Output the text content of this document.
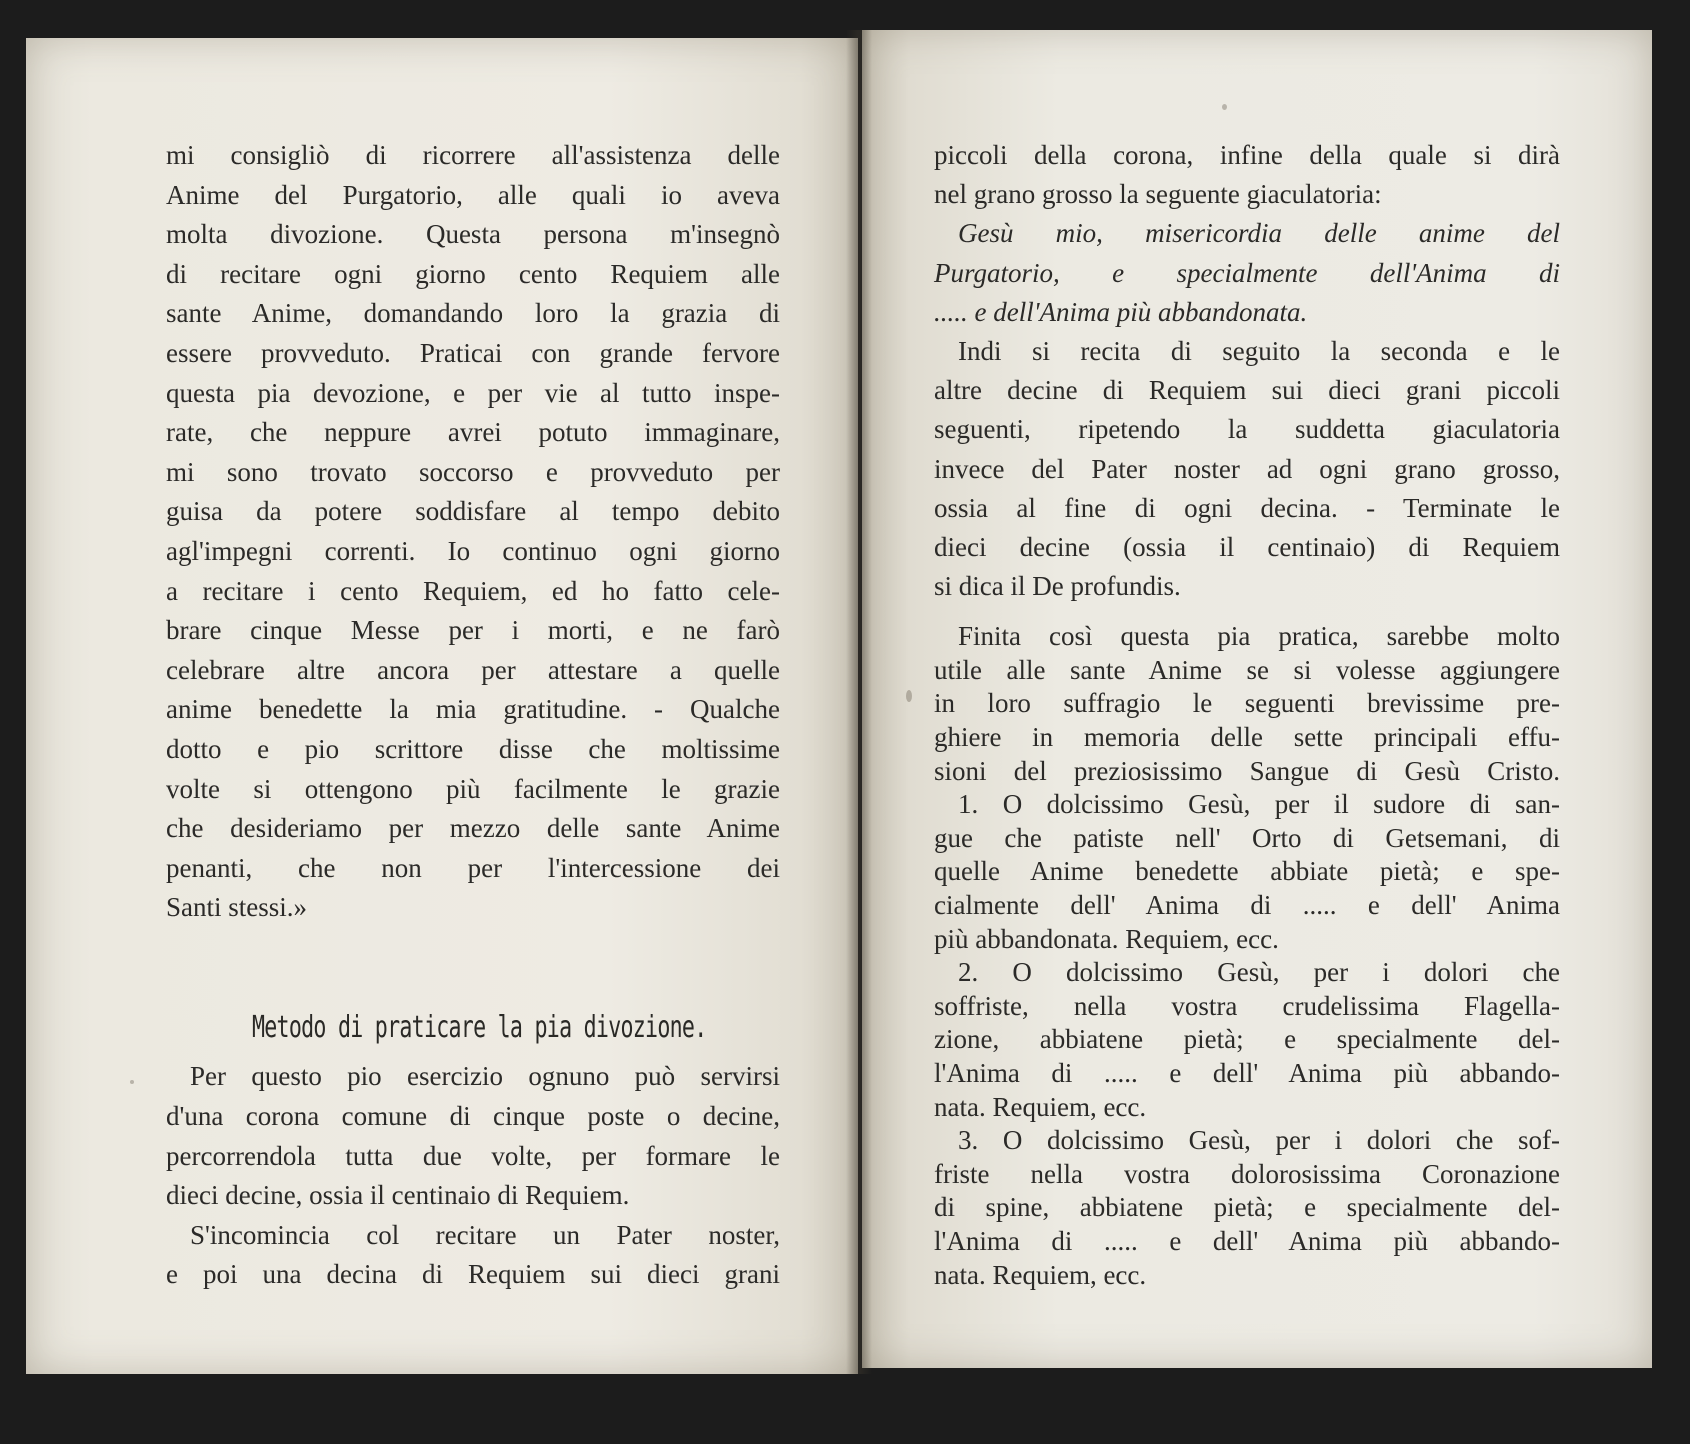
mi consigliò di ricorrere all'assistenza delle
Anime del Purgatorio, alle quali io aveva
molta divozione. Questa persona m'insegnò
di recitare ogni giorno cento Requiem alle
sante Anime, domandando loro la grazia di
essere provveduto. Praticai con grande fervore
questa pia devozione, e per vie al tutto inspe-
rate, che neppure avrei potuto immaginare,
mi sono trovato soccorso e provveduto per
guisa da potere soddisfare al tempo debito
agl'impegni correnti. Io continuo ogni giorno
a recitare i cento Requiem, ed ho fatto cele-
brare cinque Messe per i morti, e ne farò
celebrare altre ancora per attestare a quelle
anime benedette la mia gratitudine. - Qualche
dotto e pio scrittore disse che moltissime
volte si ottengono più facilmente le grazie
che desideriamo per mezzo delle sante Anime
penanti, che non per l'intercessione dei
Santi stessi.»
Metodo di praticare la pia divozione.
Per questo pio esercizio ognuno può servirsi
d'una corona comune di cinque poste o decine,
percorrendola tutta due volte, per formare le
dieci decine, ossia il centinaio di Requiem.
S'incomincia col recitare un Pater noster,
e poi una decina di Requiem sui dieci grani
piccoli della corona, infine della quale si dirà
nel grano grosso la seguente giaculatoria:
Gesù mio, misericordia delle anime del
Purgatorio, e specialmente dell'Anima di
..... e dell'Anima più abbandonata.
Indi si recita di seguito la seconda e le
altre decine di Requiem sui dieci grani piccoli
seguenti, ripetendo la suddetta giaculatoria
invece del Pater noster ad ogni grano grosso,
ossia al fine di ogni decina. - Terminate le
dieci decine (ossia il centinaio) di Requiem
si dica il De profundis.
Finita così questa pia pratica, sarebbe molto
utile alle sante Anime se si volesse aggiungere
in loro suffragio le seguenti brevissime pre-
ghiere in memoria delle sette principali effu-
sioni del preziosissimo Sangue di Gesù Cristo.
1. O dolcissimo Gesù, per il sudore di san-
gue che patiste nell' Orto di Getsemani, di
quelle Anime benedette abbiate pietà; e spe-
cialmente dell' Anima di ..... e dell' Anima
più abbandonata. Requiem, ecc.
2. O dolcissimo Gesù, per i dolori che
soffriste, nella vostra crudelissima Flagella-
zione, abbiatene pietà; e specialmente del-
l'Anima di ..... e dell' Anima più abbando-
nata. Requiem, ecc.
3. O dolcissimo Gesù, per i dolori che sof-
friste nella vostra dolorosissima Coronazione
di spine, abbiatene pietà; e specialmente del-
l'Anima di ..... e dell' Anima più abbando-
nata. Requiem, ecc.
